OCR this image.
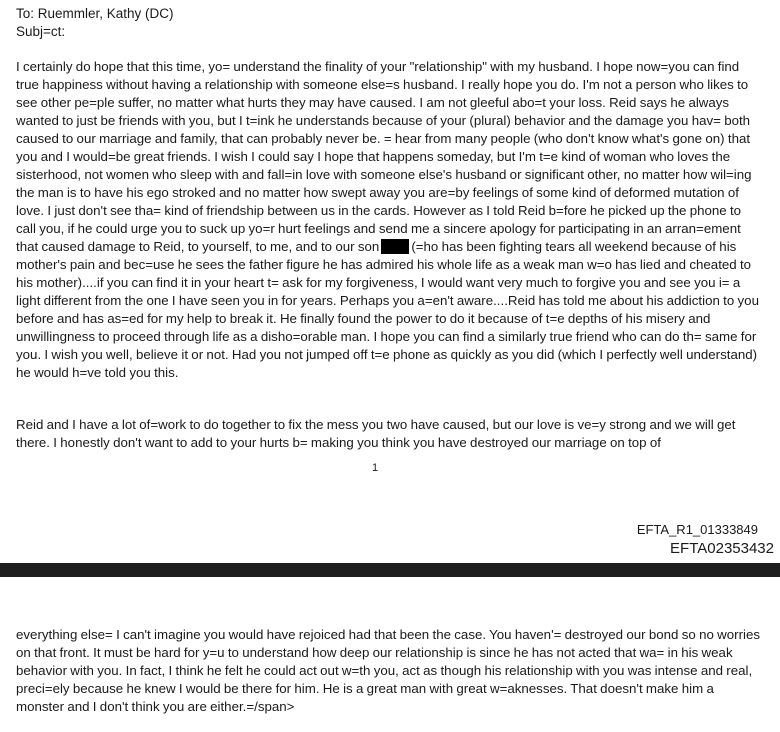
To: Ruemmler, Kathy (DC)
Subj=ct:
I certainly do hope that this time, yo= understand the finality of your "relationship" with my husband. I hope now=you can find true happiness without having a relationship with someone else=s husband. I really hope you do. I'm not a person who likes to see other pe=ple suffer, no matter what hurts they may have caused. I am not gleeful abo=t your loss. Reid says he always wanted to just be friends with you, but I t=ink he understands because of your (plural) behavior and the damage you hav= both caused to our marriage and family, that can probably never be. = hear from many people (who don't know what's gone on) that you and I would=be great friends. I wish I could say I hope that happens someday, but I'm t=e kind of woman who loves the sisterhood, not women who sleep with and fall=in love with someone else's husband or significant other, no matter how wil=ing the man is to have his ego stroked and no matter how swept away you are=by feelings of some kind of deformed mutation of love. I just don't see tha= kind of friendship between us in the cards. However as I told Reid b=fore he picked up the phone to call you, if he could urge you to suck up yo=r hurt feelings and send me a sincere apology for participating in an arran=ement that caused damage to Reid, to yourself, to me, and to our son (=ho has been fighting tears all weekend because of his mother's pain and bec=use he sees the father figure he has admired his whole life as a weak man w=o has lied and cheated to his mother)....if you can find it in your heart t= ask for my forgiveness, I would want very much to forgive you and see you i= a light different from the one I have seen you in for years. Perhaps you a=en't aware....Reid has told me about his addiction to you before and has as=ed for my help to break it. He finally found the power to do it because of t=e depths of his misery and unwillingness to proceed through life as a disho=orable man. I hope you can find a similarly true friend who can do th= same for you. I wish you well, believe it or not. Had you not jumped off t=e phone as quickly as you did (which I perfectly well understand) he would h=ve told you this.
Reid and I have a lot of=work to do together to fix the mess you two have caused, but our love is ve=y strong and we will get there. I honestly don't want to add to your hurts b= making you think you have destroyed our marriage on top of
1
EFTA_R1_01333849
EFTA02353432
everything else= I can't imagine you would have rejoiced had that been the case. You haven'= destroyed our bond so no worries on that front. It must be hard for y=u to understand how deep our relationship is since he has not acted that wa= in his weak behavior with you. In fact, I think he felt he could act out w=th you, act as though his relationship with you was intense and real, preci=ely because he knew I would be there for him. He is a great man with great w=aknesses. That doesn't make him a monster and I don't think you are either.=/span>
